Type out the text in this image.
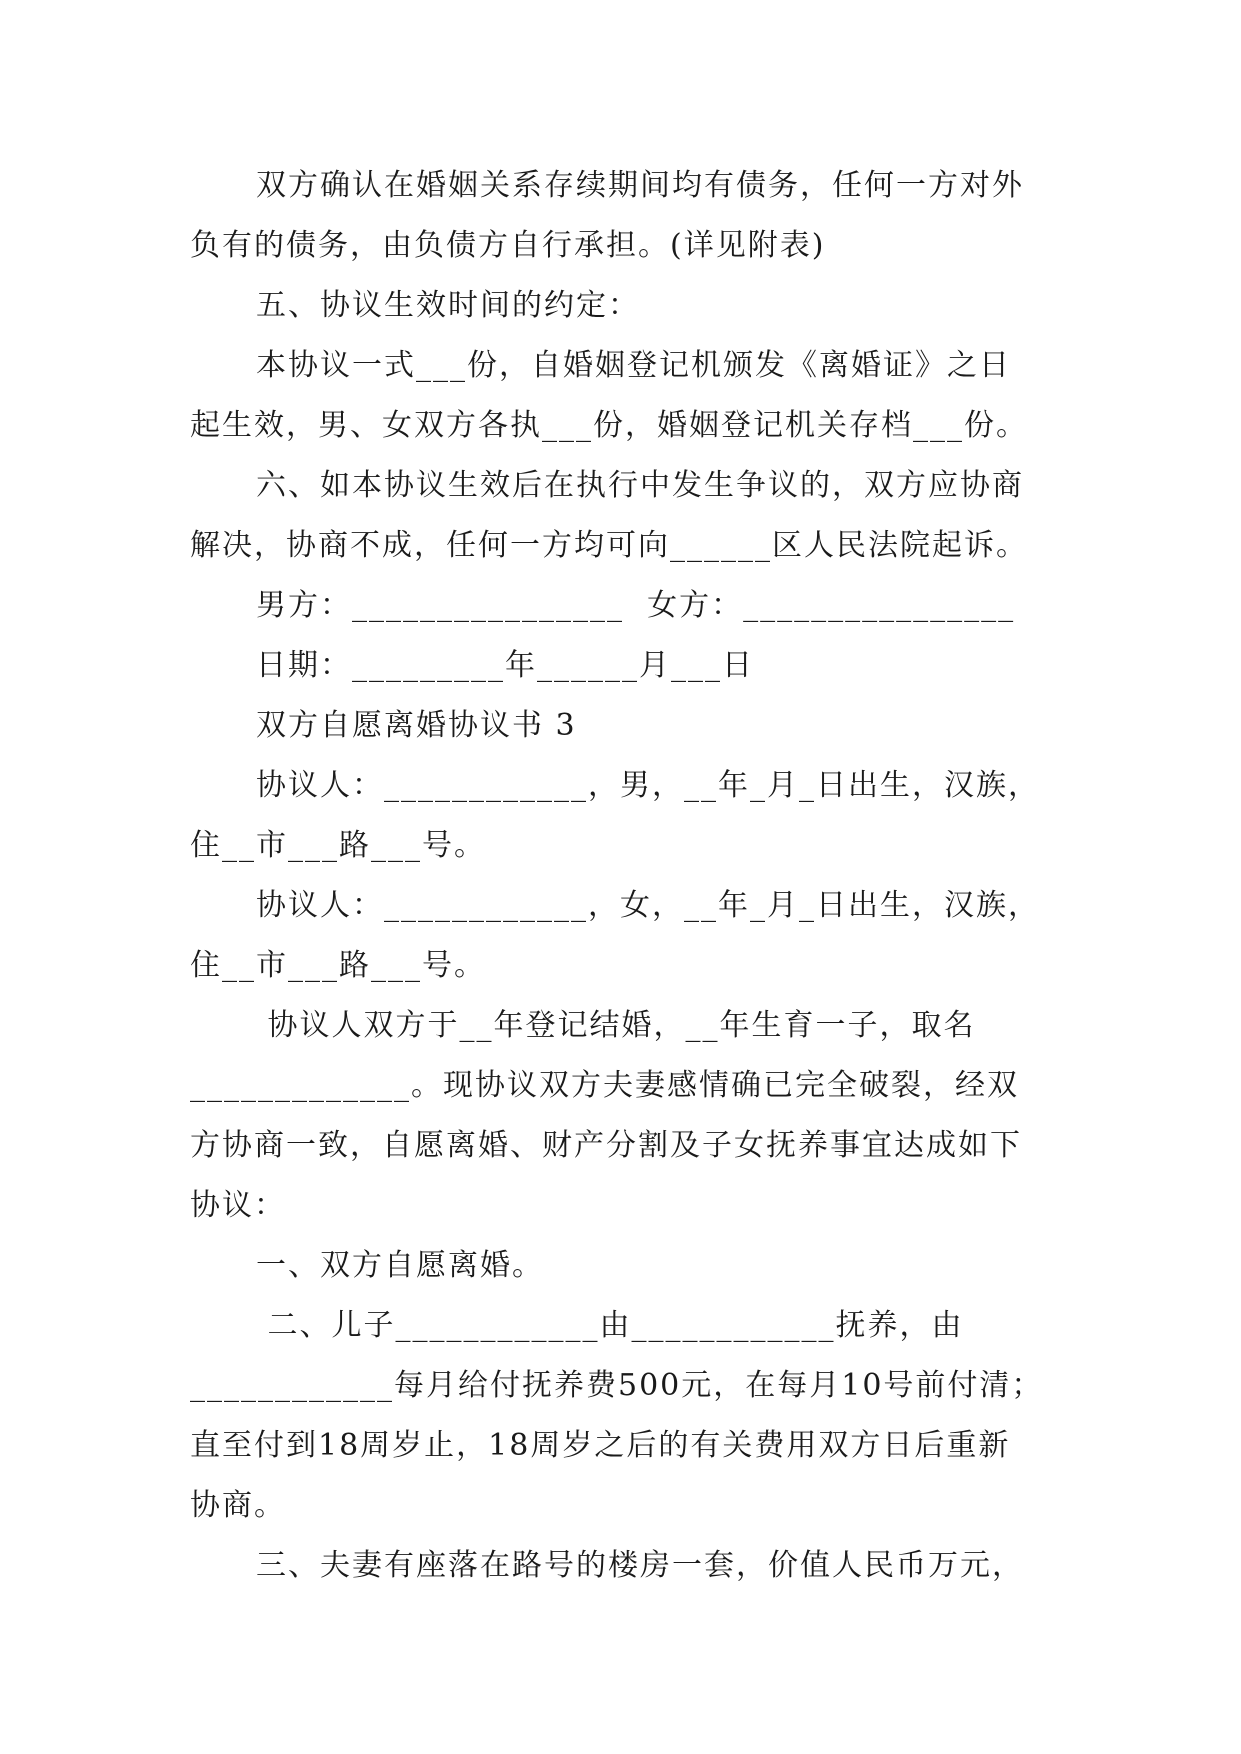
双方确认在婚姻关系存续期间均有债务，任何一方对外
负有的债务，由负债方自行承担。(详见附表)
五、协议生效时间的约定：
本协议一式___份，自婚姻登记机颁发《离婚证》之日
起生效，男、女双方各执___份，婚姻登记机关存档___份。
六、如本协议生效后在执行中发生争议的，双方应协商
解决，协商不成，任何一方均可向______区人民法院起诉。
男方：________________  女方：________________
日期：_________年______月___日
双方自愿离婚协议书 3
协议人：____________，男，__年_月_日出生，汉族，
住__市___路___号。
协议人：____________，女，__年_月_日出生，汉族，
住__市___路___号。
协议人双方于__年登记结婚，__年生育一子，取名
_____________。现协议双方夫妻感情确已完全破裂，经双
方协商一致，自愿离婚、财产分割及子女抚养事宜达成如下
协议：
一、双方自愿离婚。
二、儿子____________由____________抚养，由
____________每月给付抚养费500元，在每月10号前付清；
直至付到18周岁止，18周岁之后的有关费用双方日后重新
协商。
三、夫妻有座落在路号的楼房一套，价值人民币万元，
